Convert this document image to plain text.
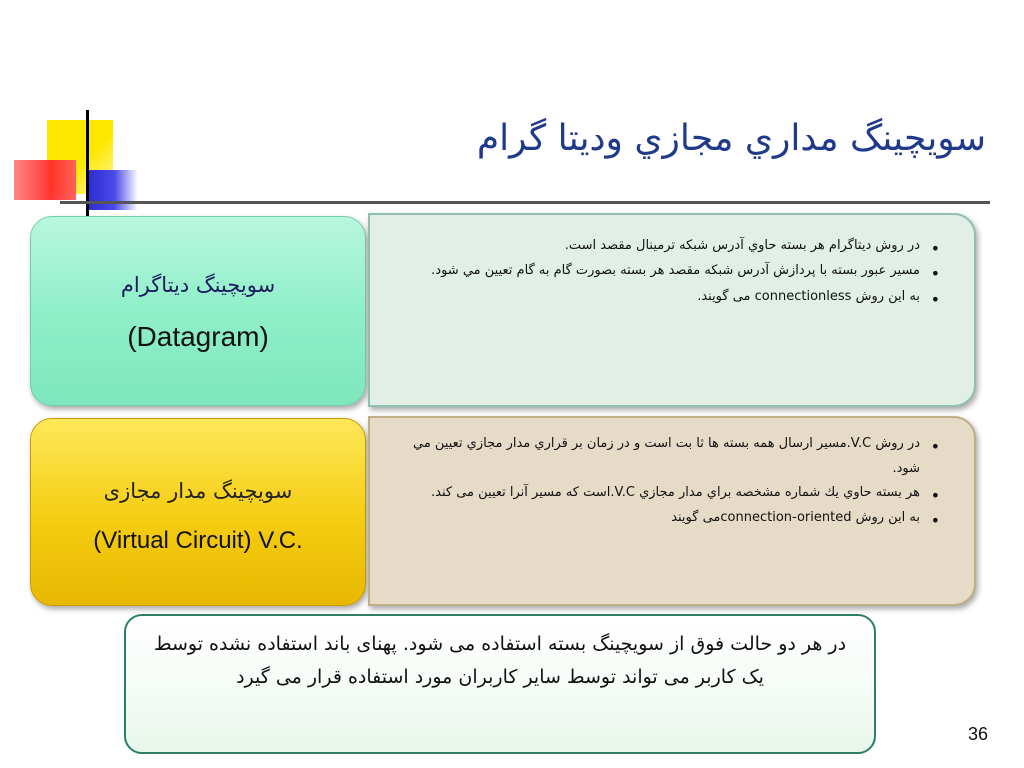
سويچينگ مداري مجازي وديتا گرام
سویچینگ دیتاگرام
(Datagram)
• در روش ديتاگرام هر بسته حاوي آدرس شبکه ترمينال مقصد است.
• مسير عبور بسته با پردازش آدرس شبکه مقصد هر بسته بصورت گام به گام تعيين مي شود.
• به این روش connectionless می گویند.
سویچینگ مدار مجازی
(Virtual Circuit) V.C.
• در روش V.C.مسير ارسال همه بسته ها ثا بت است و در زمان بر قراري مدار مجازي تعيين مي شود.
• هر بسته حاوي يك شماره مشخصه براي مدار مجازي V.C.است که مسیر آنرا تعیین می کند.
• به این روش connection-orientedمی گویند
در هر دو حالت فوق از سويچينگ بسته استفاده می شود. پهنای باند استفاده نشده توسط یک کاربر می تواند توسط سایر کاربران مورد استفاده قرار می گیرد
36
